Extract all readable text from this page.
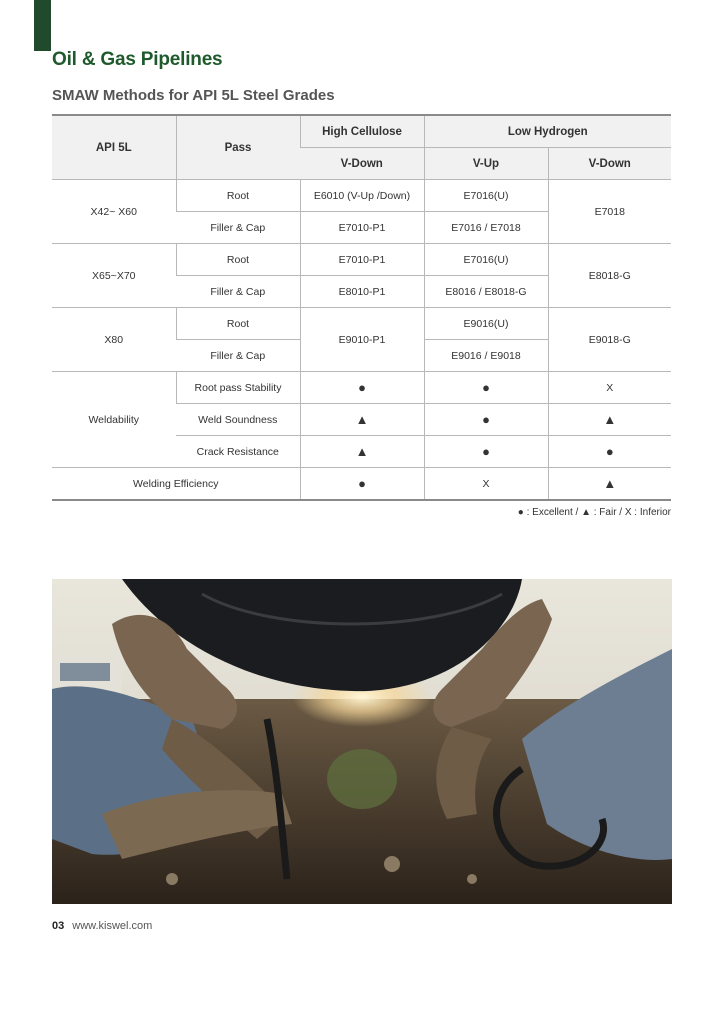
Oil & Gas Pipelines
SMAW Methods for API 5L Steel Grades
API 5L	Pass	High Cellulose	Low Hydrogen	
		V-Down	V-Up	V-Down
X42~ X60	Root	E6010 (V-Up /Down)	E7016(U)	E7018
	Filler & Cap	E7010-P1	E7016 / E7018	
X65~X70	Root	E7010-P1	E7016(U)	E8018-G
	Filler & Cap	E8010-P1	E8016 / E8018-G	
X80	Root	E9010-P1	E9016(U)	E9018-G
	Filler & Cap		E9016 / E9018	
Weldability	Root pass Stability	●	●	X
	Weld Soundness	▲	●	▲
	Crack Resistance	▲	●	●
Welding Efficiency		●	X	▲
● : Excellent / ▲ : Fair / X : Inferior
03 www.kiswel.com
